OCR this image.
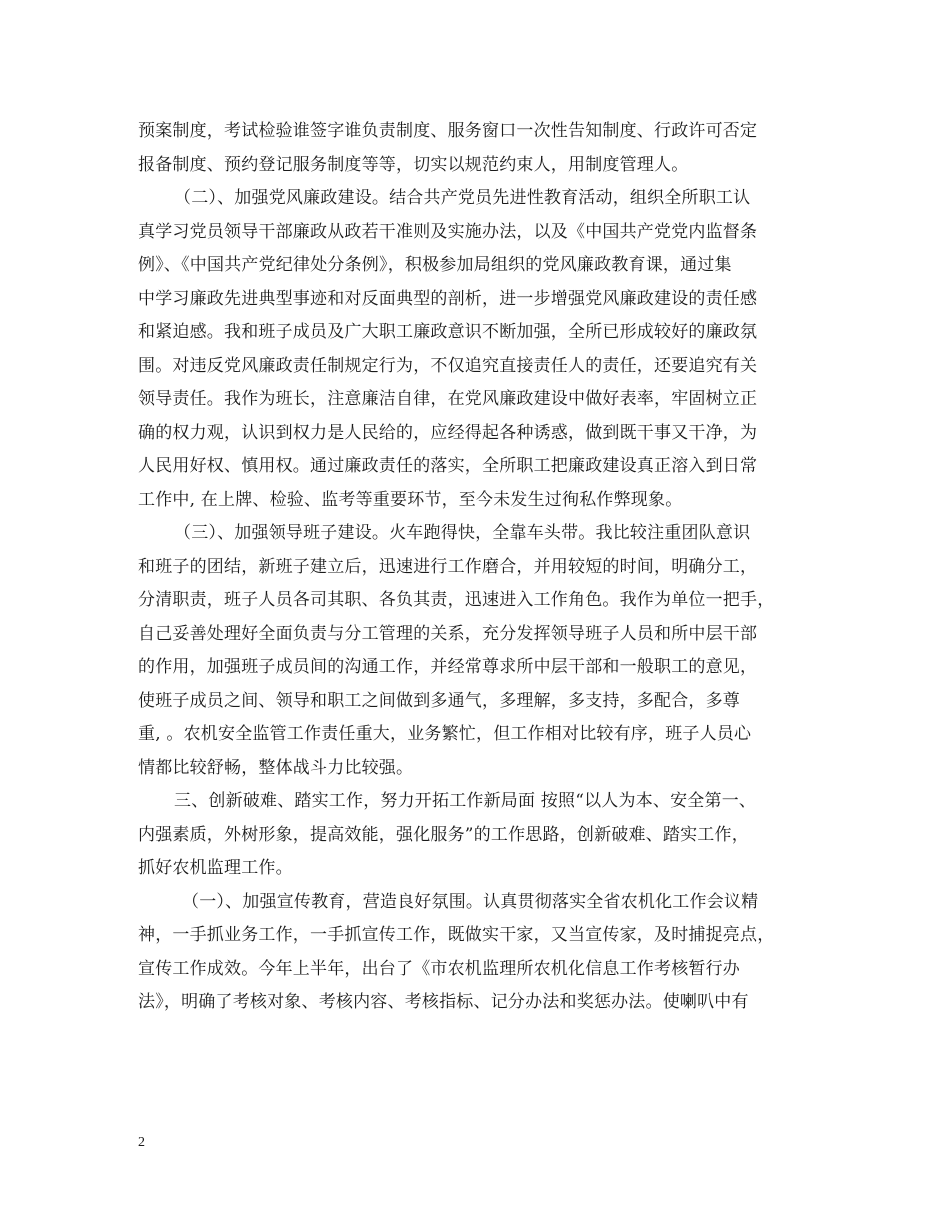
预案制度，考试检验谁签字谁负责制度、服务窗口一次性告知制度、行政许可否定
报备制度、预约登记服务制度等等，切实以规范约束人，用制度管理人。
（二）、加强党风廉政建设。结合共产党员先进性教育活动，组织全所职工认
真学习党员领导干部廉政从政若干准则及实施办法，以及《中国共产党党内监督条
例》、《中国共产党纪律处分条例》，积极参加局组织的党风廉政教育课，通过集
中学习廉政先进典型事迹和对反面典型的剖析，进一步增强党风廉政建设的责任感
和紧迫感。我和班子成员及广大职工廉政意识不断加强，全所已形成较好的廉政氛
围。对违反党风廉政责任制规定行为，不仅追究直接责任人的责任，还要追究有关
领导责任。我作为班长，注意廉洁自律，在党风廉政建设中做好表率，牢固树立正
确的权力观，认识到权力是人民给的，应经得起各种诱惑，做到既干事又干净，为
人民用好权、慎用权。通过廉政责任的落实，全所职工把廉政建设真正溶入到日常
工作中, 在上牌、检验、监考等重要环节，至今未发生过徇私作弊现象。
（三）、加强领导班子建设。火车跑得快，全靠车头带。我比较注重团队意识
和班子的团结，新班子建立后，迅速进行工作磨合，并用较短的时间，明确分工，
分清职责，班子人员各司其职、各负其责，迅速进入工作角色。我作为单位一把手，
自己妥善处理好全面负责与分工管理的关系，充分发挥领导班子人员和所中层干部
的作用，加强班子成员间的沟通工作，并经常尊求所中层干部和一般职工的意见，
使班子成员之间、领导和职工之间做到多通气，多理解，多支持，多配合，多尊
重, 。农机安全监管工作责任重大，业务繁忙，但工作相对比较有序，班子人员心
情都比较舒畅，整体战斗力比较强。
三、创新破难、踏实工作，努力开拓工作新局面 按照“以人为本、安全第一、
内强素质，外树形象，提高效能，强化服务”的工作思路，创新破难、踏实工作，
抓好农机监理工作。
（一）、加强宣传教育，营造良好氛围。认真贯彻落实全省农机化工作会议精
神，一手抓业务工作，一手抓宣传工作，既做实干家，又当宣传家，及时捕捉亮点，
宣传工作成效。今年上半年，出台了《市农机监理所农机化信息工作考核暂行办
法》，明确了考核对象、考核内容、考核指标、记分办法和奖惩办法。使喇叭中有
2
